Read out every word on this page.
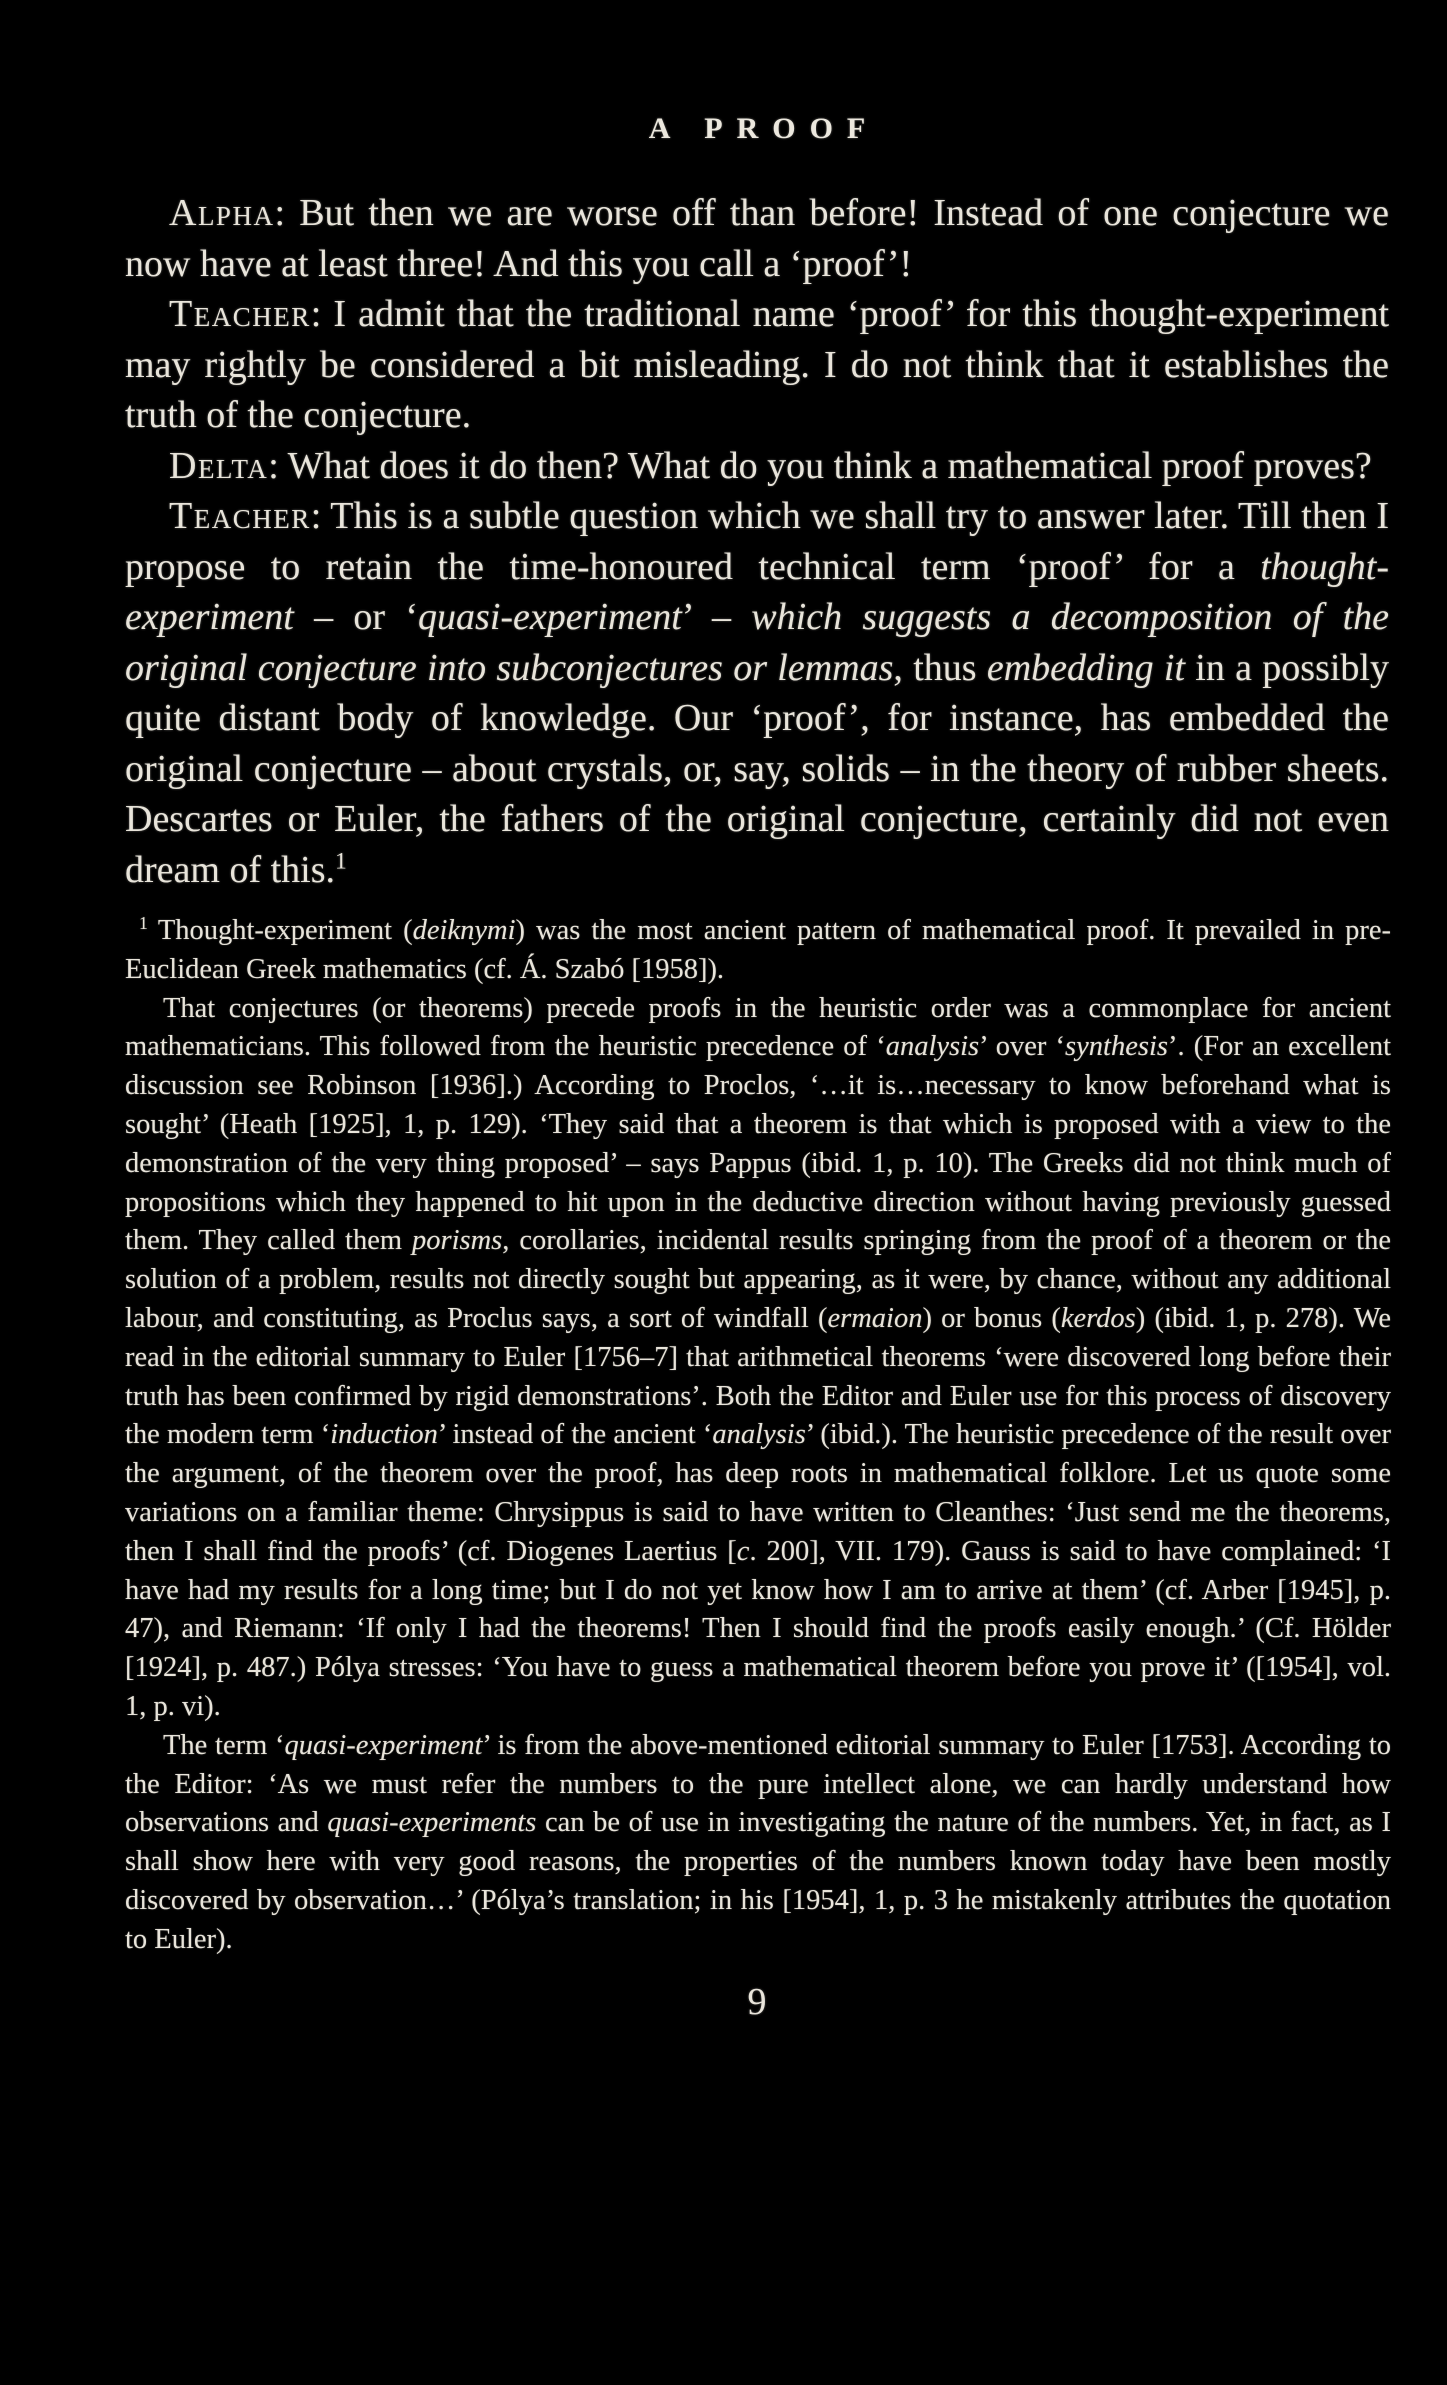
A PROOF

Alpha: But then we are worse off than before! Instead of one conjecture we now have at least three! And this you call a ‘proof’!

Teacher: I admit that the traditional name ‘proof’ for this thought-experiment may rightly be considered a bit misleading. I do not think that it establishes the truth of the conjecture.

Delta: What does it do then? What do you think a mathematical proof proves?

Teacher: This is a subtle question which we shall try to answer later. Till then I propose to retain the time-honoured technical term ‘proof’ for a thought-experiment – or ‘quasi-experiment’ – which suggests a decomposition of the original conjecture into subconjectures or lemmas, thus embedding it in a possibly quite distant body of knowledge. Our ‘proof’, for instance, has embedded the original conjecture – about crystals, or, say, solids – in the theory of rubber sheets. Descartes or Euler, the fathers of the original conjecture, certainly did not even dream of this.$^1$

$^1$ Thought-experiment (deiknymi) was the most ancient pattern of mathematical proof. It prevailed in pre-Euclidean Greek mathematics (cf. Á. Szabó [1958]).

That conjectures (or theorems) precede proofs in the heuristic order was a commonplace for ancient mathematicians. This followed from the heuristic precedence of ‘analysis’ over ‘synthesis’. (For an excellent discussion see Robinson [1936].) According to Proclos, ‘…it is…necessary to know beforehand what is sought’ (Heath [1925], 1, p. 129). ‘They said that a theorem is that which is proposed with a view to the demonstration of the very thing proposed’ – says Pappus (ibid. 1, p. 10). The Greeks did not think much of propositions which they happened to hit upon in the deductive direction without having previously guessed them. They called them porisms, corollaries, incidental results springing from the proof of a theorem or the solution of a problem, results not directly sought but appearing, as it were, by chance, without any additional labour, and constituting, as Proclus says, a sort of windfall (ermaion) or bonus (kerdos) (ibid. 1, p. 278). We read in the editorial summary to Euler [1756–7] that arithmetical theorems ‘were discovered long before their truth has been confirmed by rigid demonstrations’. Both the Editor and Euler use for this process of discovery the modern term ‘induction’ instead of the ancient ‘analysis’ (ibid.). The heuristic precedence of the result over the argument, of the theorem over the proof, has deep roots in mathematical folklore. Let us quote some variations on a familiar theme: Chrysippus is said to have written to Cleanthes: ‘Just send me the theorems, then I shall find the proofs’ (cf. Diogenes Laertius [c. 200], VII. 179). Gauss is said to have complained: ‘I have had my results for a long time; but I do not yet know how I am to arrive at them’ (cf. Arber [1945], p. 47), and Riemann: ‘If only I had the theorems! Then I should find the proofs easily enough.’ (Cf. Hölder [1924], p. 487.) Pólya stresses: ‘You have to guess a mathematical theorem before you prove it’ ([1954], vol. 1, p. vi).

The term ‘quasi-experiment’ is from the above-mentioned editorial summary to Euler [1753]. According to the Editor: ‘As we must refer the numbers to the pure intellect alone, we can hardly understand how observations and quasi-experiments can be of use in investigating the nature of the numbers. Yet, in fact, as I shall show here with very good reasons, the properties of the numbers known today have been mostly discovered by observation…’ (Pólya’s translation; in his [1954], 1, p. 3 he mistakenly attributes the quotation to Euler).

9
